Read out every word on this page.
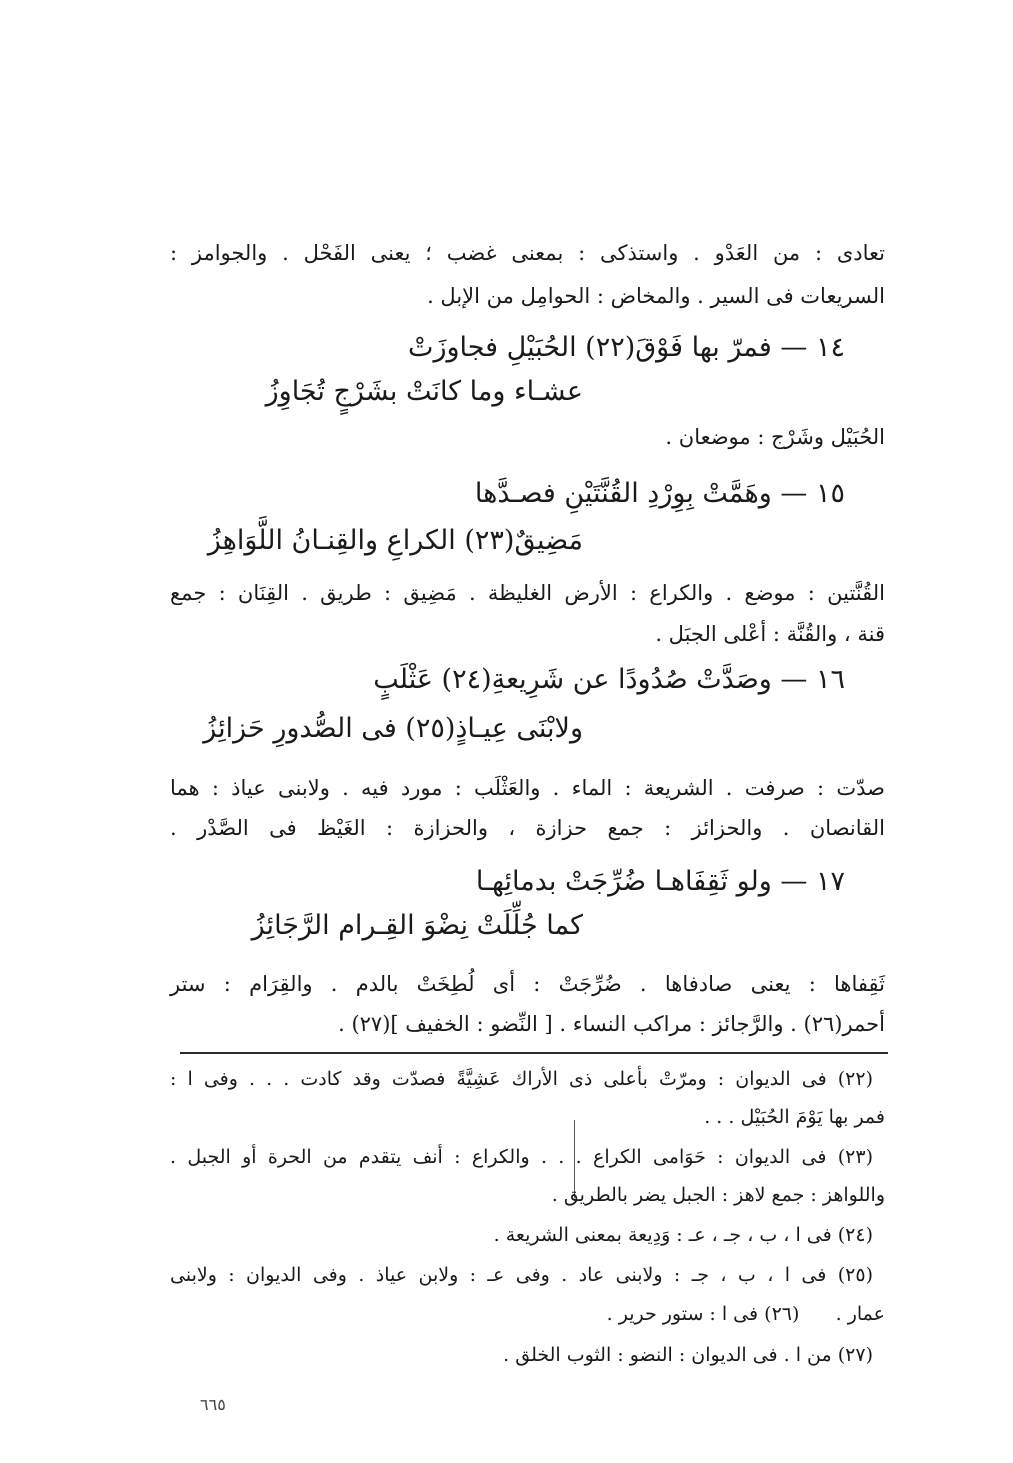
تعادى : من العَدْو . واستذكى : بمعنى غضب ؛ يعنى الفَحْل . والجوامز :
السريعات فى السير . والمخاض : الحوامِل من الإبل .
١٤ — فمرّ بها فَوْقَ(٢٢) الحُبَيْلِ فجاوزَتْ
عشـاء وما كانَتْ بشَرْجٍ تُجَاوِزُ
الحُبَيْل وشَرْج : موضعان .
١٥ — وهَمَّتْ بِوِرْدِ القُنَّتَيْنِ فصـدَّها
مَضِيقٌ(٢٣) الكراعِ والقِنـانُ اللَّوَاهِزُ
القُنَّتين : موضع . والكراع : الأرض الغليظة . مَضِيق : طريق . القِنَان : جمع
قنة ، والقُنَّة : أعْلى الجبَل .
١٦ — وصَدَّتْ صُدُودًا عن شَرِيعةِ(٢٤) عَثْلَبٍ
ولابْنَى عِيـاذٍ(٢٥) فى الصُّدورِ حَزائِزُ
صدّت : صرفت . الشريعة : الماء . والعَثْلَب : مورد فيه . ولابنى عياذ : هما
القانصان . والحزائز : جمع حزازة ، والحزازة : الغَيْظ فى الصَّدْر .
١٧ — ولو ثَقِفَاهـا ضُرِّجَتْ بدمائِهـا
كما جُلِّلَتْ نِضْوَ القِـرام الرَّجَائِزُ
ثَقِفاها : يعنى صادفاها . ضُرِّجَتْ : أى لُطِخَتْ بالدم . والقِرَام : ستر
أحمر(٢٦) . والرَّجائز : مراكب النساء . [ النِّضو : الخفيف ](٢٧) .
(٢٢) فى الديوان : ومرّتْ بأعلى ذى الأراك عَشِيَّةً فصدّت وقد كادت . . . وفى ا :
فمر بها يَوْمَ الحُبَيْل . . .
(٢٣) فى الديوان : حَوَامى الكراع . . . والكراع : أنف يتقدم من الحرة أو الجبل .
واللواهز : جمع لاهز : الجبل يضر بالطريق .
(٢٤) فى ا ، ب ، جـ ، عـ : وَدِيعة بمعنى الشريعة .
(٢٥) فى ا ، ب ، جـ : ولابنى عاد . وفى عـ : ولابن عياذ . وفى الديوان : ولابنى
عمار .      (٢٦) فى ا : ستور حرير .
(٢٧) من ا . فى الديوان : النضو : الثوب الخلق .
٦٦٥
